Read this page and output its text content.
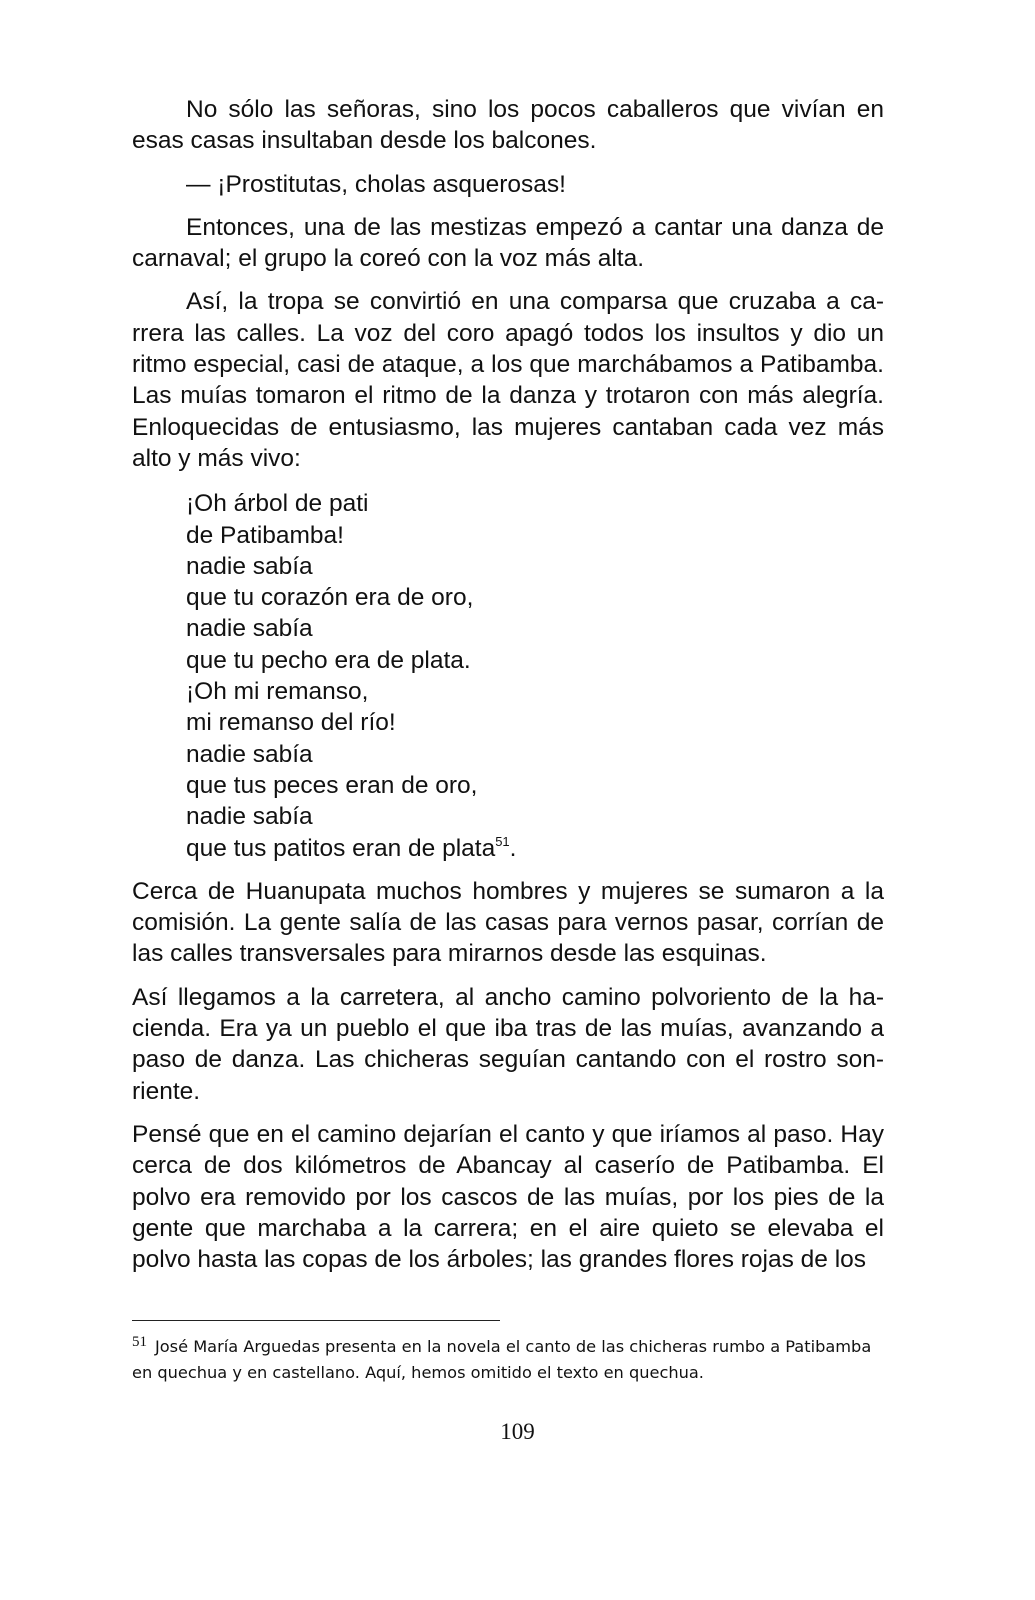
No sólo las señoras, sino los pocos caballeros que vivían en esas casas insultaban desde los balcones.

— ¡Prostitutas, cholas asquerosas!

Entonces, una de las mestizas empezó a cantar una danza de carnaval; el grupo la coreó con la voz más alta.

Así, la tropa se convirtió en una comparsa que cruzaba a carrera las calles. La voz del coro apagó todos los insultos y dio un ritmo especial, casi de ataque, a los que marchábamos a Patibamba. Las muías tomaron el ritmo de la danza y trotaron con más alegría. Enloquecidas de entusiasmo, las mujeres cantaban cada vez más alto y más vivo:

¡Oh árbol de pati
de Patibamba!
nadie sabía
que tu corazón era de oro,
nadie sabía
que tu pecho era de plata.
¡Oh mi remanso,
mi remanso del río!
nadie sabía
que tus peces eran de oro,
nadie sabía
que tus patitos eran de plata$^{51}$.

Cerca de Huanupata muchos hombres y mujeres se sumaron a la comisión. La gente salía de las casas para vernos pasar, corrían de las calles transversales para mirarnos desde las esquinas.

Así llegamos a la carretera, al ancho camino polvoriento de la hacienda. Era ya un pueblo el que iba tras de las muías, avanzando a paso de danza. Las chicheras seguían cantando con el rostro sonriente.

Pensé que en el camino dejarían el canto y que iríamos al paso. Hay cerca de dos kilómetros de Abancay al caserío de Patibamba. El polvo era removido por los cascos de las muías, por los pies de la gente que marchaba a la carrera; en el aire quieto se elevaba el polvo hasta las copas de los árboles; las grandes flores rojas de los

51 José María Arguedas presenta en la novela el canto de las chicheras rumbo a Patibamba en quechua y en castellano. Aquí, hemos omitido el texto en quechua.
109
